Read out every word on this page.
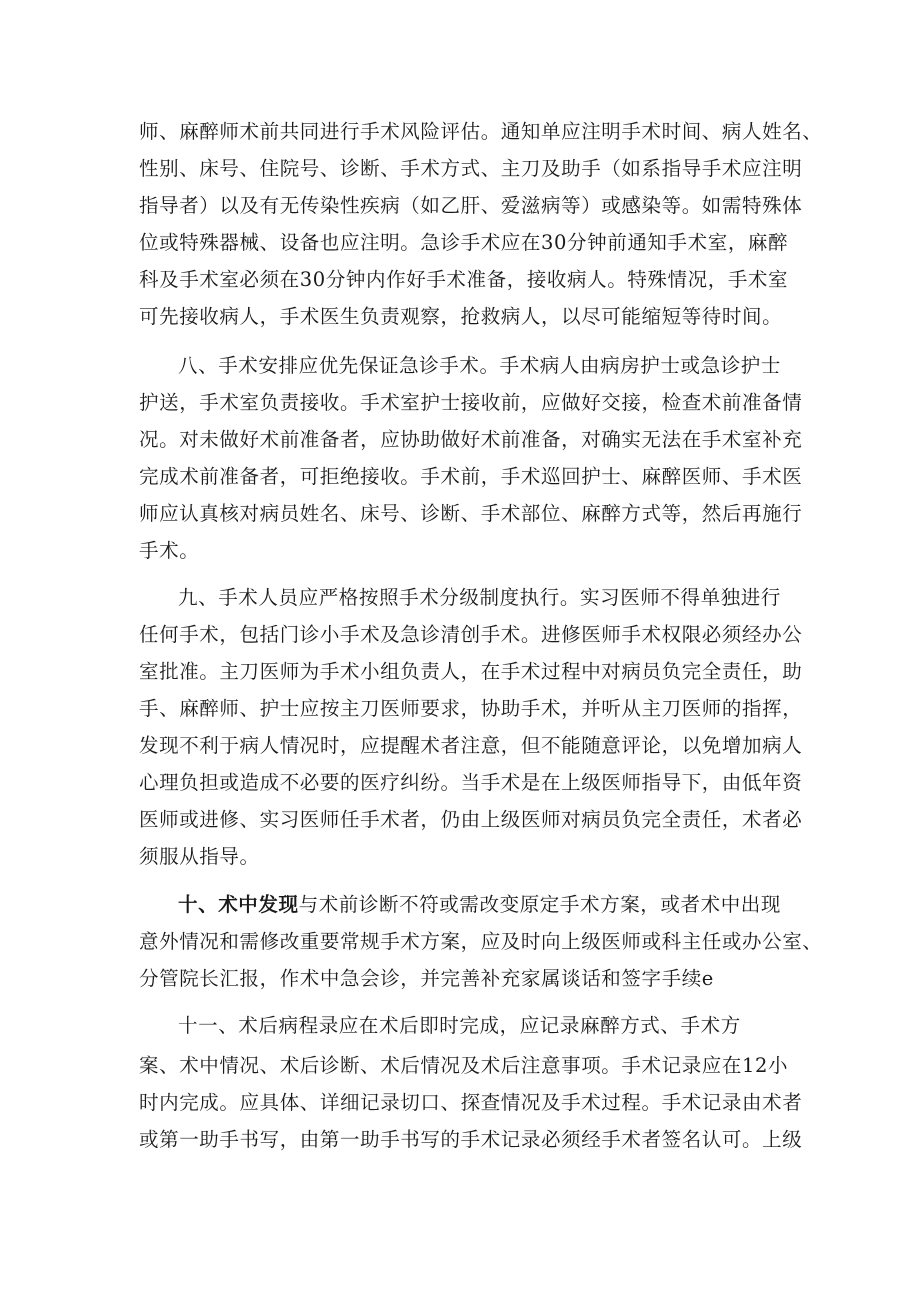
师、麻醉师术前共同进行手术风险评估。通知单应注明手术时间、病人姓名、
性别、床号、住院号、诊断、手术方式、主刀及助手（如系指导手术应注明
指导者）以及有无传染性疾病（如乙肝、爱滋病等）或感染等。如需特殊体
位或特殊器械、设备也应注明。急诊手术应在30分钟前通知手术室，麻醉
科及手术室必须在30分钟内作好手术准备，接收病人。特殊情况，手术室
可先接收病人，手术医生负责观察，抢救病人，以尽可能缩短等待时间。
八、手术安排应优先保证急诊手术。手术病人由病房护士或急诊护士
护送，手术室负责接收。手术室护士接收前，应做好交接，检查术前准备情
况。对未做好术前准备者，应协助做好术前准备，对确实无法在手术室补充
完成术前准备者，可拒绝接收。手术前，手术巡回护士、麻醉医师、手术医
师应认真核对病员姓名、床号、诊断、手术部位、麻醉方式等，然后再施行
手术。
九、手术人员应严格按照手术分级制度执行。实习医师不得单独进行
任何手术，包括门诊小手术及急诊清创手术。进修医师手术权限必须经办公
室批准。主刀医师为手术小组负责人，在手术过程中对病员负完全责任，助
手、麻醉师、护士应按主刀医师要求，协助手术，并听从主刀医师的指挥，
发现不利于病人情况时，应提醒术者注意，但不能随意评论，以免增加病人
心理负担或造成不必要的医疗纠纷。当手术是在上级医师指导下，由低年资
医师或进修、实习医师任手术者，仍由上级医师对病员负完全责任，术者必
须服从指导。
十、术中发现与术前诊断不符或需改变原定手术方案，或者术中出现
意外情况和需修改重要常规手术方案，应及时向上级医师或科主任或办公室、
分管院长汇报，作术中急会诊，并完善补充家属谈话和签字手续e
十一、术后病程录应在术后即时完成，应记录麻醉方式、手术方
案、术中情况、术后诊断、术后情况及术后注意事项。手术记录应在12小
时内完成。应具体、详细记录切口、探查情况及手术过程。手术记录由术者
或第一助手书写，由第一助手书写的手术记录必须经手术者签名认可。上级
